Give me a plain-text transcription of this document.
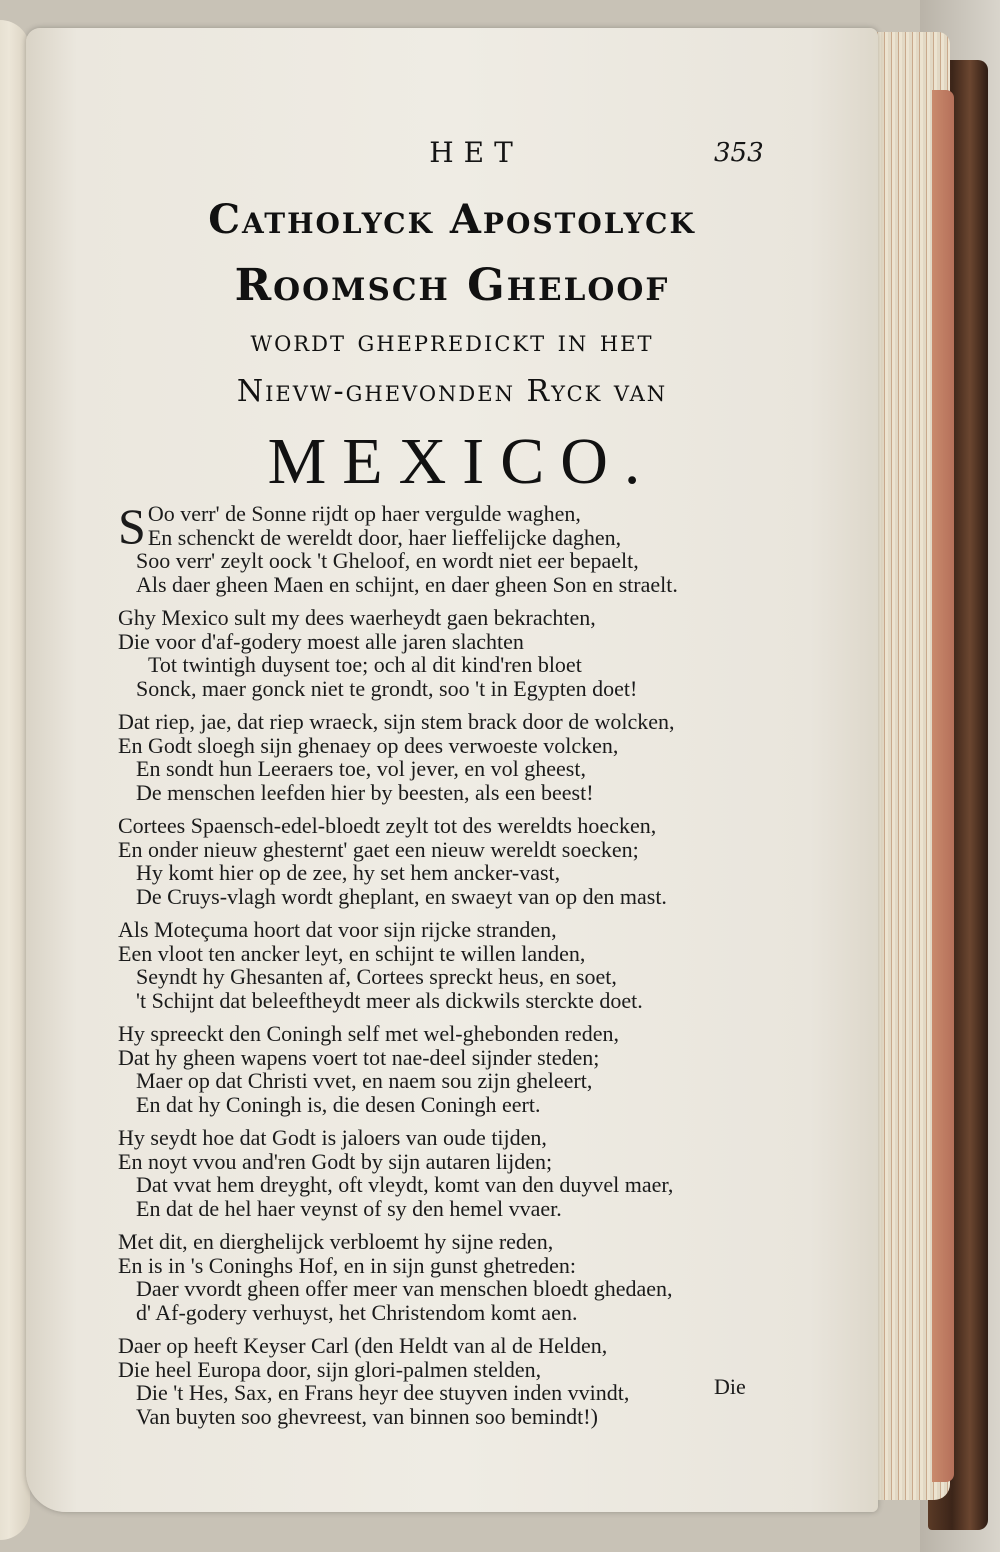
HET	353
Catholyck Apostolyck
Roomsch Gheloof
wordt ghepredickt in het
Nievw-ghevonden Ryck van
MEXICO.
S Oo verr' de Sonne rijdt op haer vergulde waghen,
En schenckt de wereldt door, haer lieffelijcke daghen,
Soo verr' zeylt oock 't Gheloof, en wordt niet eer bepaelt,
Als daer gheen Maen en schijnt, en daer gheen Son en straelt.
Ghy Mexico sult my dees waerheydt gaen bekrachten,
Die voor d'af-godery moest alle jaren slachten
Tot twintigh duysent toe; och al dit kind'ren bloet
Sonck, maer gonck niet te grondt, soo 't in Egypten doet!
Dat riep, jae, dat riep wraeck, sijn stem brack door de wolcken,
En Godt sloegh sijn ghenaey op dees verwoeste volcken,
En sondt hun Leeraers toe, vol jever, en vol gheest,
De menschen leefden hier by beesten, als een beest!
Cortees Spaensch-edel-bloedt zeylt tot des wereldts hoecken,
En onder nieuw ghesternt' gaet een nieuw wereldt soecken;
Hy komt hier op de zee, hy set hem ancker-vast,
De Cruys-vlagh wordt gheplant, en swaeyt van op den mast.
Als Moteçuma hoort dat voor sijn rijcke stranden,
Een vloot ten ancker leyt, en schijnt te willen landen,
Seyndt hy Ghesanten af, Cortees spreckt heus, en soet,
't Schijnt dat beleeftheydt meer als dickwils sterckte doet.
Hy spreeckt den Coningh self met wel-ghebonden reden,
Dat hy gheen wapens voert tot nae-deel sijnder steden;
Maer op dat Christi vvet, en naem sou zijn gheleert,
En dat hy Coningh is, die desen Coningh eert.
Hy seydt hoe dat Godt is jaloers van oude tijden,
En noyt vvou and'ren Godt by sijn autaren lijden;
Dat vvat hem dreyght, oft vleydt, komt van den duyvel maer,
En dat de hel haer veynst of sy den hemel vvaer.
Met dit, en dierghelijck verbloemt hy sijne reden,
En is in 's Coninghs Hof, en in sijn gunst ghetreden:
Daer vvordt gheen offer meer van menschen bloedt ghedaen,
d' Af-godery verhuyst, het Christendom komt aen.
Daer op heeft Keyser Carl (den Heldt van al de Helden,
Die heel Europa door, sijn glori-palmen stelden,
Die 't Hes, Sax, en Frans heyr dee stuyven inden vvindt,
Van buyten soo ghevreest, van binnen soo bemindt!)
Die
